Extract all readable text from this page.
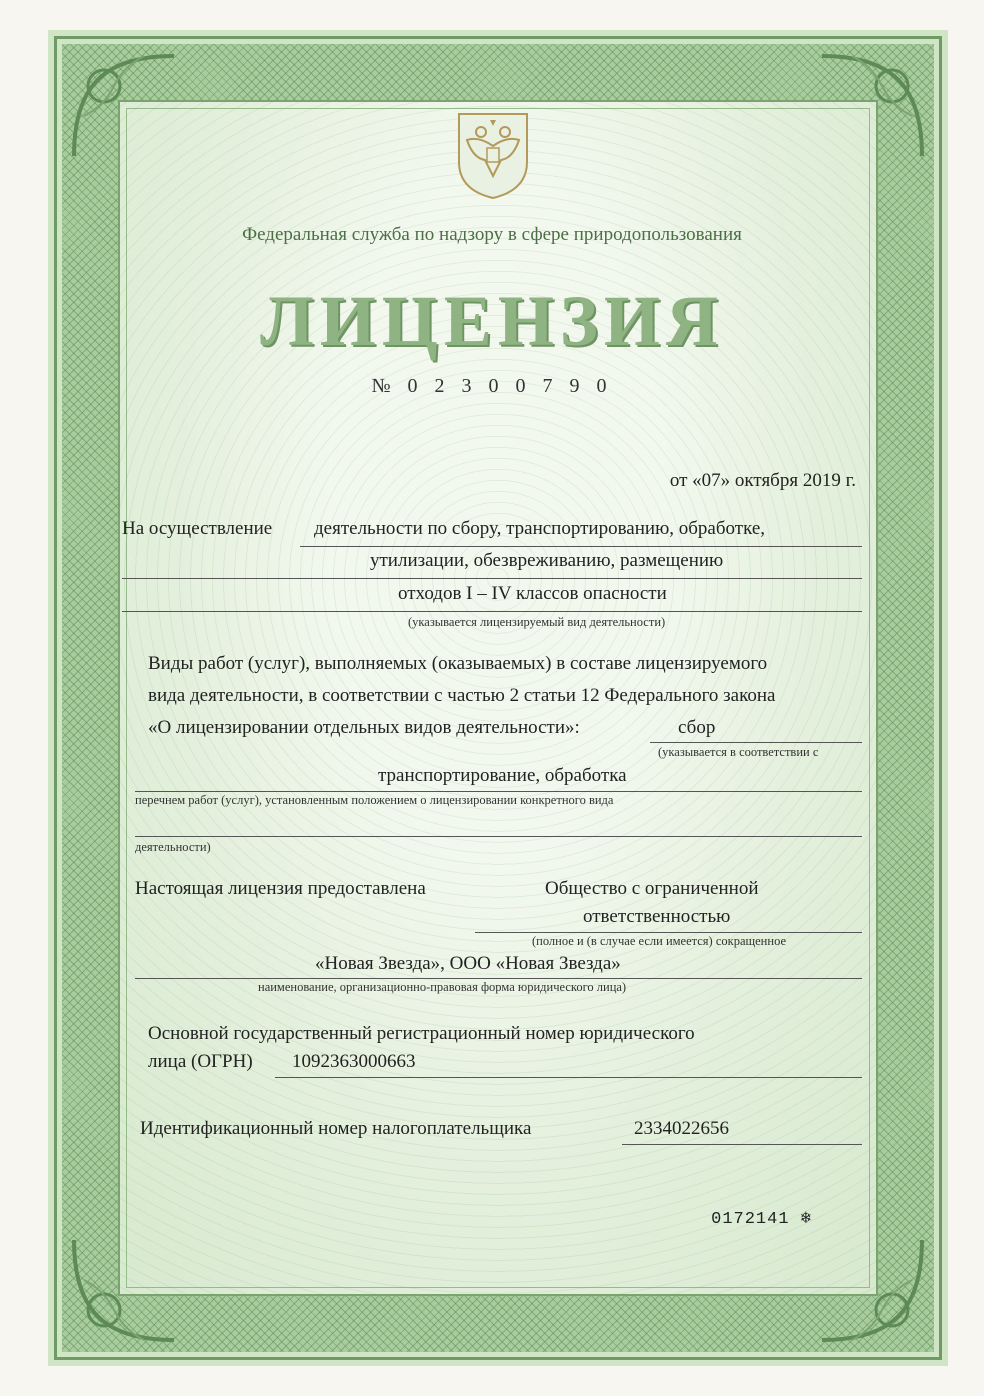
Федеральная служба по надзору в сфере природопользования
ЛИЦЕНЗИЯ
№ 0 2 3 0 0 7 9 0
от «07» октября 2019 г.
На осуществление деятельности по сбору, транспортированию, обработке,
утилизации, обезвреживанию, размещению
отходов I – IV классов опасности
(указывается лицензируемый вид деятельности)
Виды работ (услуг), выполняемых (оказываемых) в составе лицензируемого
вида деятельности, в соответствии с частью 2 статьи 12 Федерального закона
«О лицензировании отдельных видов деятельности»:	сбор
(указывается в соответствии с
транспортирование, обработка
перечнем работ (услуг), установленным положением о лицензировании конкретного вида
деятельности)
Настоящая лицензия предоставлена	Общество с ограниченной
ответственностью
(полное и (в случае если имеется) сокращенное
«Новая Звезда», ООО «Новая Звезда»
наименование, организационно-правовая форма юридического лица)
Основной государственный регистрационный номер юридического
лица (ОГРН) 1092363000663
Идентификационный номер налогоплательщика	2334022656
0172141 ❄
